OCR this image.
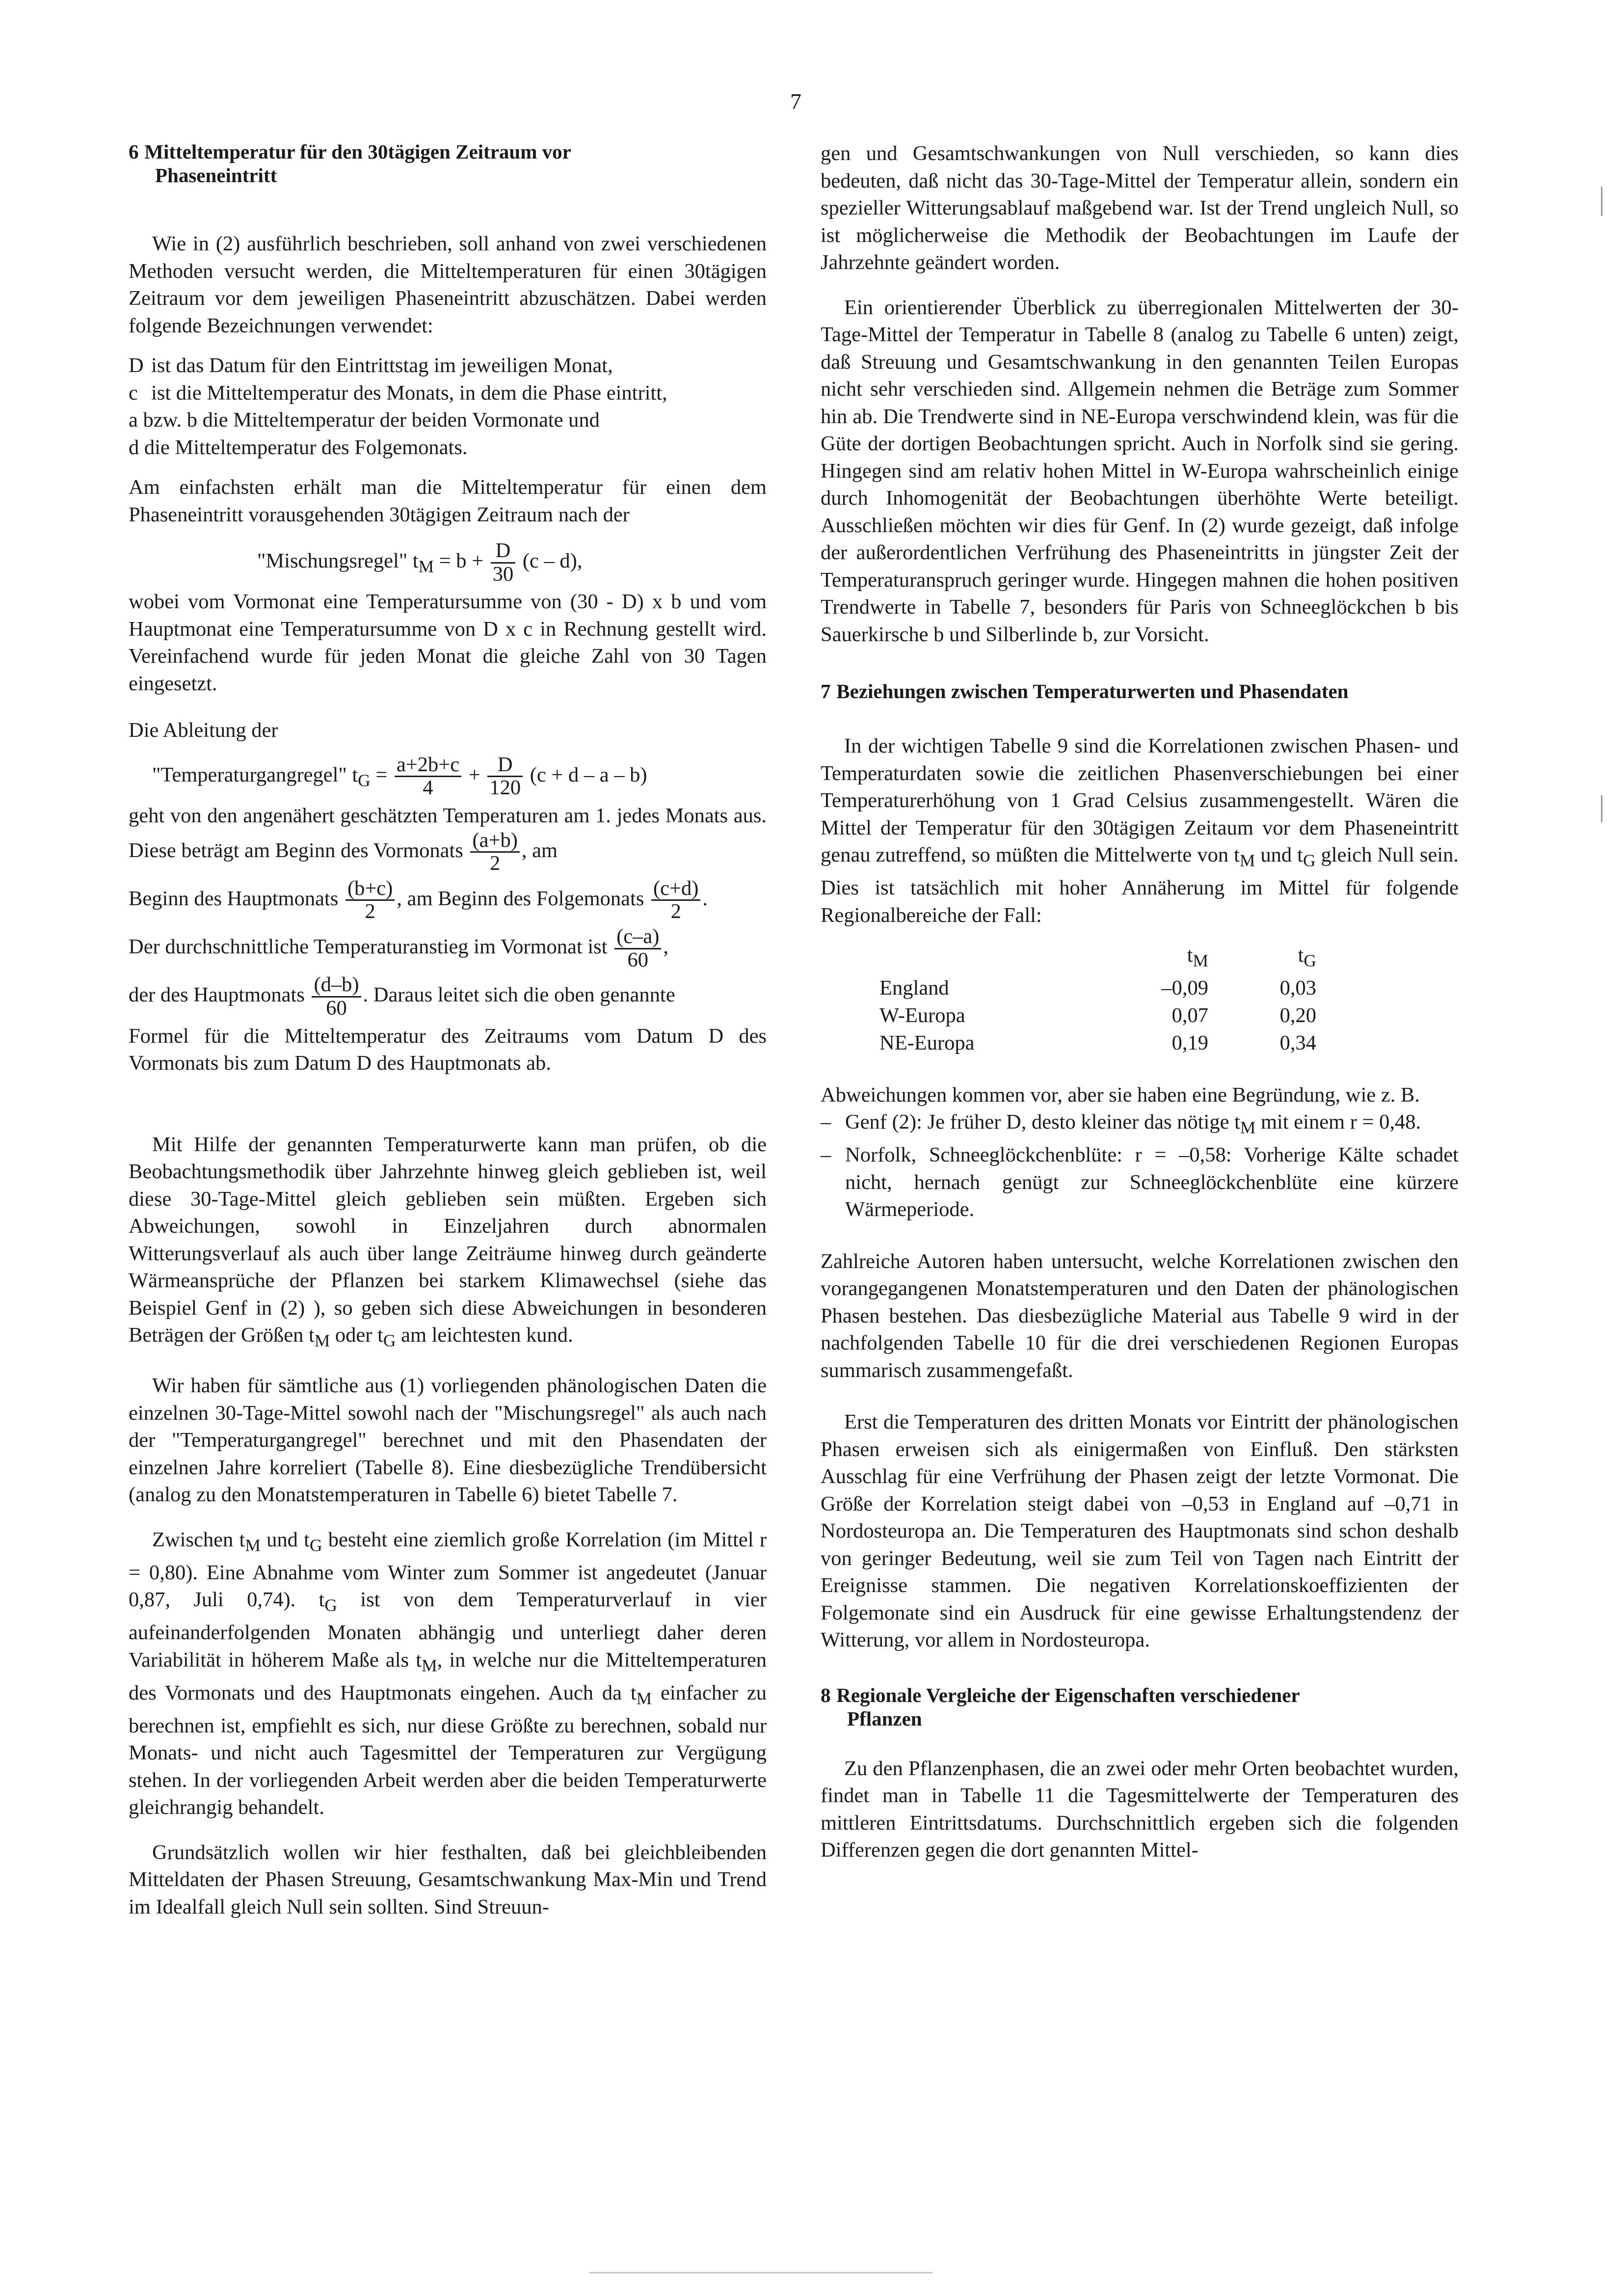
7
6 Mitteltemperatur für den 30tägigen Zeitraum vor
Phaseneintritt

Wie in (2) ausführlich beschrieben, soll anhand von zwei verschiedenen Methoden versucht werden, die Mitteltemperaturen für einen 30tägigen Zeitraum vor dem jeweiligen Phaseneintritt abzuschätzen. Dabei werden folgende Bezeichnungen verwendet:

D ist das Datum für den Eintrittstag im jeweiligen Monat,
c ist die Mitteltemperatur des Monats, in dem die Phase eintritt,
a bzw. b die Mitteltemperatur der beiden Vormonate und
d die Mitteltemperatur des Folgemonats.

Am einfachsten erhält man die Mitteltemperatur für einen dem Phaseneintritt vorausgehenden 30tägigen Zeitraum nach der

"Mischungsregel" $t_M = b + \frac{D}{30} (c - d)$,

wobei vom Vormonat eine Temperatursumme von (30 - D) x b und vom Hauptmonat eine Temperatursumme von D x c in Rechnung gestellt wird. Vereinfachend wurde für jeden Monat die gleiche Zahl von 30 Tagen eingesetzt.

Die Ableitung der

"Temperaturgangregel" $t_G = \frac{a+2b+c}{4} + \frac{D}{120} (c + d - a - b)$

geht von den angenähert geschätzten Temperaturen am 1. jedes Monats aus. Diese beträgt am Beginn des Vormonats $\frac{(a+b)}{2}$ , am

Beginn des Hauptmonats $\frac{(b+c)}{2}$ , am Beginn des Folgemonats $\frac{(c+d)}{2}$ .

Der durchschnittliche Temperaturanstieg im Vormonat ist $\frac{(c-a)}{60}$ ,

der des Hauptmonats $\frac{(d-b)}{60}$ . Daraus leitet sich die oben genannte

Formel für die Mitteltemperatur des Zeitraums vom Datum D des Vormonats bis zum Datum D des Hauptmonats ab.

Mit Hilfe der genannten Temperaturwerte kann man prüfen, ob die Beobachtungsmethodik über Jahrzehnte hinweg gleich geblieben ist, weil diese 30-Tage-Mittel gleich geblieben sein müßten. Ergeben sich Abweichungen, sowohl in Einzeljahren durch abnormalen Witterungsverlauf als auch über lange Zeiträume hinweg durch geänderte Wärmeansprüche der Pflanzen bei starkem Klimawechsel (siehe das Beispiel Genf in (2) ), so geben sich diese Abweichungen in besonderen Beträgen der Größen $t_M$ oder $t_G$ am leichtesten kund.

Wir haben für sämtliche aus (1) vorliegenden phänologischen Daten die einzelnen 30-Tage-Mittel sowohl nach der "Mischungsregel" als auch nach der "Temperaturgangregel" berechnet und mit den Phasendaten der einzelnen Jahre korreliert (Tabelle 8). Eine diesbezügliche Trendübersicht (analog zu den Monatstemperaturen in Tabelle 6) bietet Tabelle 7.

Zwischen $t_M$ und $t_G$ besteht eine ziemlich große Korrelation (im Mittel r = 0,80). Eine Abnahme vom Winter zum Sommer ist angedeutet (Januar 0,87, Juli 0,74). $t_G$ ist von dem Temperaturverlauf in vier aufeinanderfolgenden Monaten abhängig und unterliegt daher deren Variabilität in höherem Maße als $t_M$, in welche nur die Mitteltemperaturen des Vormonats und des Hauptmonats eingehen. Auch da $t_M$ einfacher zu berechnen ist, empfiehlt es sich, nur diese Größte zu berechnen, sobald nur Monats- und nicht auch Tagesmittel der Temperaturen zur Vergügung stehen. In der vorliegenden Arbeit werden aber die beiden Temperaturwerte gleichrangig behandelt.

Grundsätzlich wollen wir hier festhalten, daß bei gleichbleibenden Mitteldaten der Phasen Streuung, Gesamtschwankung Max-Min und Trend im Idealfall gleich Null sein sollten. Sind Streuun-

gen und Gesamtschwankungen von Null verschieden, so kann dies bedeuten, daß nicht das 30-Tage-Mittel der Temperatur allein, sondern ein spezieller Witterungsablauf maßgebend war. Ist der Trend ungleich Null, so ist möglicherweise die Methodik der Beobachtungen im Laufe der Jahrzehnte geändert worden.

Ein orientierender Überblick zu überregionalen Mittelwerten der 30-Tage-Mittel der Temperatur in Tabelle 8 (analog zu Tabelle 6 unten) zeigt, daß Streuung und Gesamtschwankung in den genannten Teilen Europas nicht sehr verschieden sind. Allgemein nehmen die Beträge zum Sommer hin ab. Die Trendwerte sind in NE-Europa verschwindend klein, was für die Güte der dortigen Beobachtungen spricht. Auch in Norfolk sind sie gering. Hingegen sind am relativ hohen Mittel in W-Europa wahrscheinlich einige durch Inhomogenität der Beobachtungen überhöhte Werte beteiligt. Ausschließen möchten wir dies für Genf. In (2) wurde gezeigt, daß infolge der außerordentlichen Verfrühung des Phaseneintritts in jüngster Zeit der Temperaturanspruch geringer wurde. Hingegen mahnen die hohen positiven Trendwerte in Tabelle 7, besonders für Paris von Schneeglöckchen b bis Sauerkirsche b und Silberlinde b, zur Vorsicht.

7 Beziehungen zwischen Temperaturwerten und Phasendaten

In der wichtigen Tabelle 9 sind die Korrelationen zwischen Phasen- und Temperaturdaten sowie die zeitlichen Phasenverschiebungen bei einer Temperaturerhöhung von 1 Grad Celsius zusammengestellt. Wären die Mittel der Temperatur für den 30tägigen Zeitaum vor dem Phaseneintritt genau zutreffend, so müßten die Mittelwerte von $t_M$ und $t_G$ gleich Null sein. Dies ist tatsächlich mit hoher Annäherung im Mittel für folgende Regionalbereiche der Fall:

	$t_M$	$t_G$
England	–0,09	0,03
W-Europa	0,07	0,20
NE-Europa	0,19	0,34

Abweichungen kommen vor, aber sie haben eine Begründung, wie z. B.

– Genf (2): Je früher D, desto kleiner das nötige $t_M$ mit einem r = 0,48.
– Norfolk, Schneeglöckchenblüte: r = –0,58: Vorherige Kälte schadet nicht, hernach genügt zur Schneeglöckchenblüte eine kürzere Wärmeperiode.

Zahlreiche Autoren haben untersucht, welche Korrelationen zwischen den vorangegangenen Monatstemperaturen und den Daten der phänologischen Phasen bestehen. Das diesbezügliche Material aus Tabelle 9 wird in der nachfolgenden Tabelle 10 für die drei verschiedenen Regionen Europas summarisch zusammengefaßt.

Erst die Temperaturen des dritten Monats vor Eintritt der phänologischen Phasen erweisen sich als einigermaßen von Einfluß. Den stärksten Ausschlag für eine Verfrühung der Phasen zeigt der letzte Vormonat. Die Größe der Korrelation steigt dabei von –0,53 in England auf –0,71 in Nordosteuropa an. Die Temperaturen des Hauptmonats sind schon deshalb von geringer Bedeutung, weil sie zum Teil von Tagen nach Eintritt der Ereignisse stammen. Die negativen Korrelationskoeffizienten der Folgemonate sind ein Ausdruck für eine gewisse Erhaltungstendenz der Witterung, vor allem in Nordosteuropa.

8 Regionale Vergleiche der Eigenschaften verschiedener
Pflanzen

Zu den Pflanzenphasen, die an zwei oder mehr Orten beobachtet wurden, findet man in Tabelle 11 die Tagesmittelwerte der Temperaturen des mittleren Eintrittsdatums. Durchschnittlich ergeben sich die folgenden Differenzen gegen die dort genannten Mittel-
